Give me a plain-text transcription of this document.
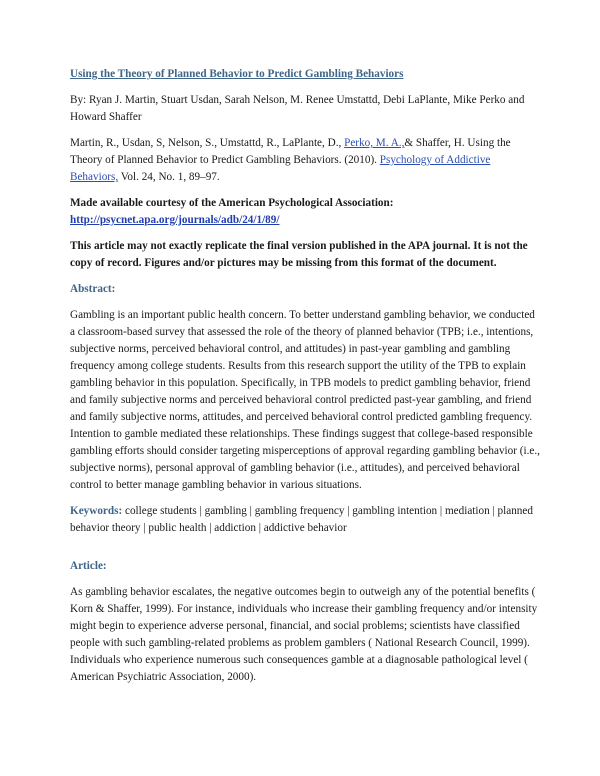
Using the Theory of Planned Behavior to Predict Gambling Behaviors
By: Ryan J. Martin, Stuart Usdan, Sarah Nelson, M. Renee Umstattd, Debi LaPlante, Mike Perko and Howard Shaffer
Martin, R., Usdan, S, Nelson, S., Umstattd, R., LaPlante, D., Perko, M. A.,& Shaffer, H. Using the Theory of Planned Behavior to Predict Gambling Behaviors. (2010). Psychology of Addictive Behaviors, Vol. 24, No. 1, 89–97.
Made available courtesy of the American Psychological Association:
http://psycnet.apa.org/journals/adb/24/1/89/
This article may not exactly replicate the final version published in the APA journal. It is not the copy of record. Figures and/or pictures may be missing from this format of the document.
Abstract:
Gambling is an important public health concern. To better understand gambling behavior, we conducted a classroom-based survey that assessed the role of the theory of planned behavior (TPB; i.e., intentions, subjective norms, perceived behavioral control, and attitudes) in past-year gambling and gambling frequency among college students. Results from this research support the utility of the TPB to explain gambling behavior in this population. Specifically, in TPB models to predict gambling behavior, friend and family subjective norms and perceived behavioral control predicted past-year gambling, and friend and family subjective norms, attitudes, and perceived behavioral control predicted gambling frequency. Intention to gamble mediated these relationships. These findings suggest that college-based responsible gambling efforts should consider targeting misperceptions of approval regarding gambling behavior (i.e., subjective norms), personal approval of gambling behavior (i.e., attitudes), and perceived behavioral control to better manage gambling behavior in various situations.
Keywords: college students | gambling | gambling frequency | gambling intention | mediation | planned behavior theory | public health | addiction | addictive behavior
Article:
As gambling behavior escalates, the negative outcomes begin to outweigh any of the potential benefits ( Korn & Shaffer, 1999). For instance, individuals who increase their gambling frequency and/or intensity might begin to experience adverse personal, financial, and social problems; scientists have classified people with such gambling-related problems as problem gamblers ( National Research Council, 1999). Individuals who experience numerous such consequences gamble at a diagnosable pathological level ( American Psychiatric Association, 2000).
